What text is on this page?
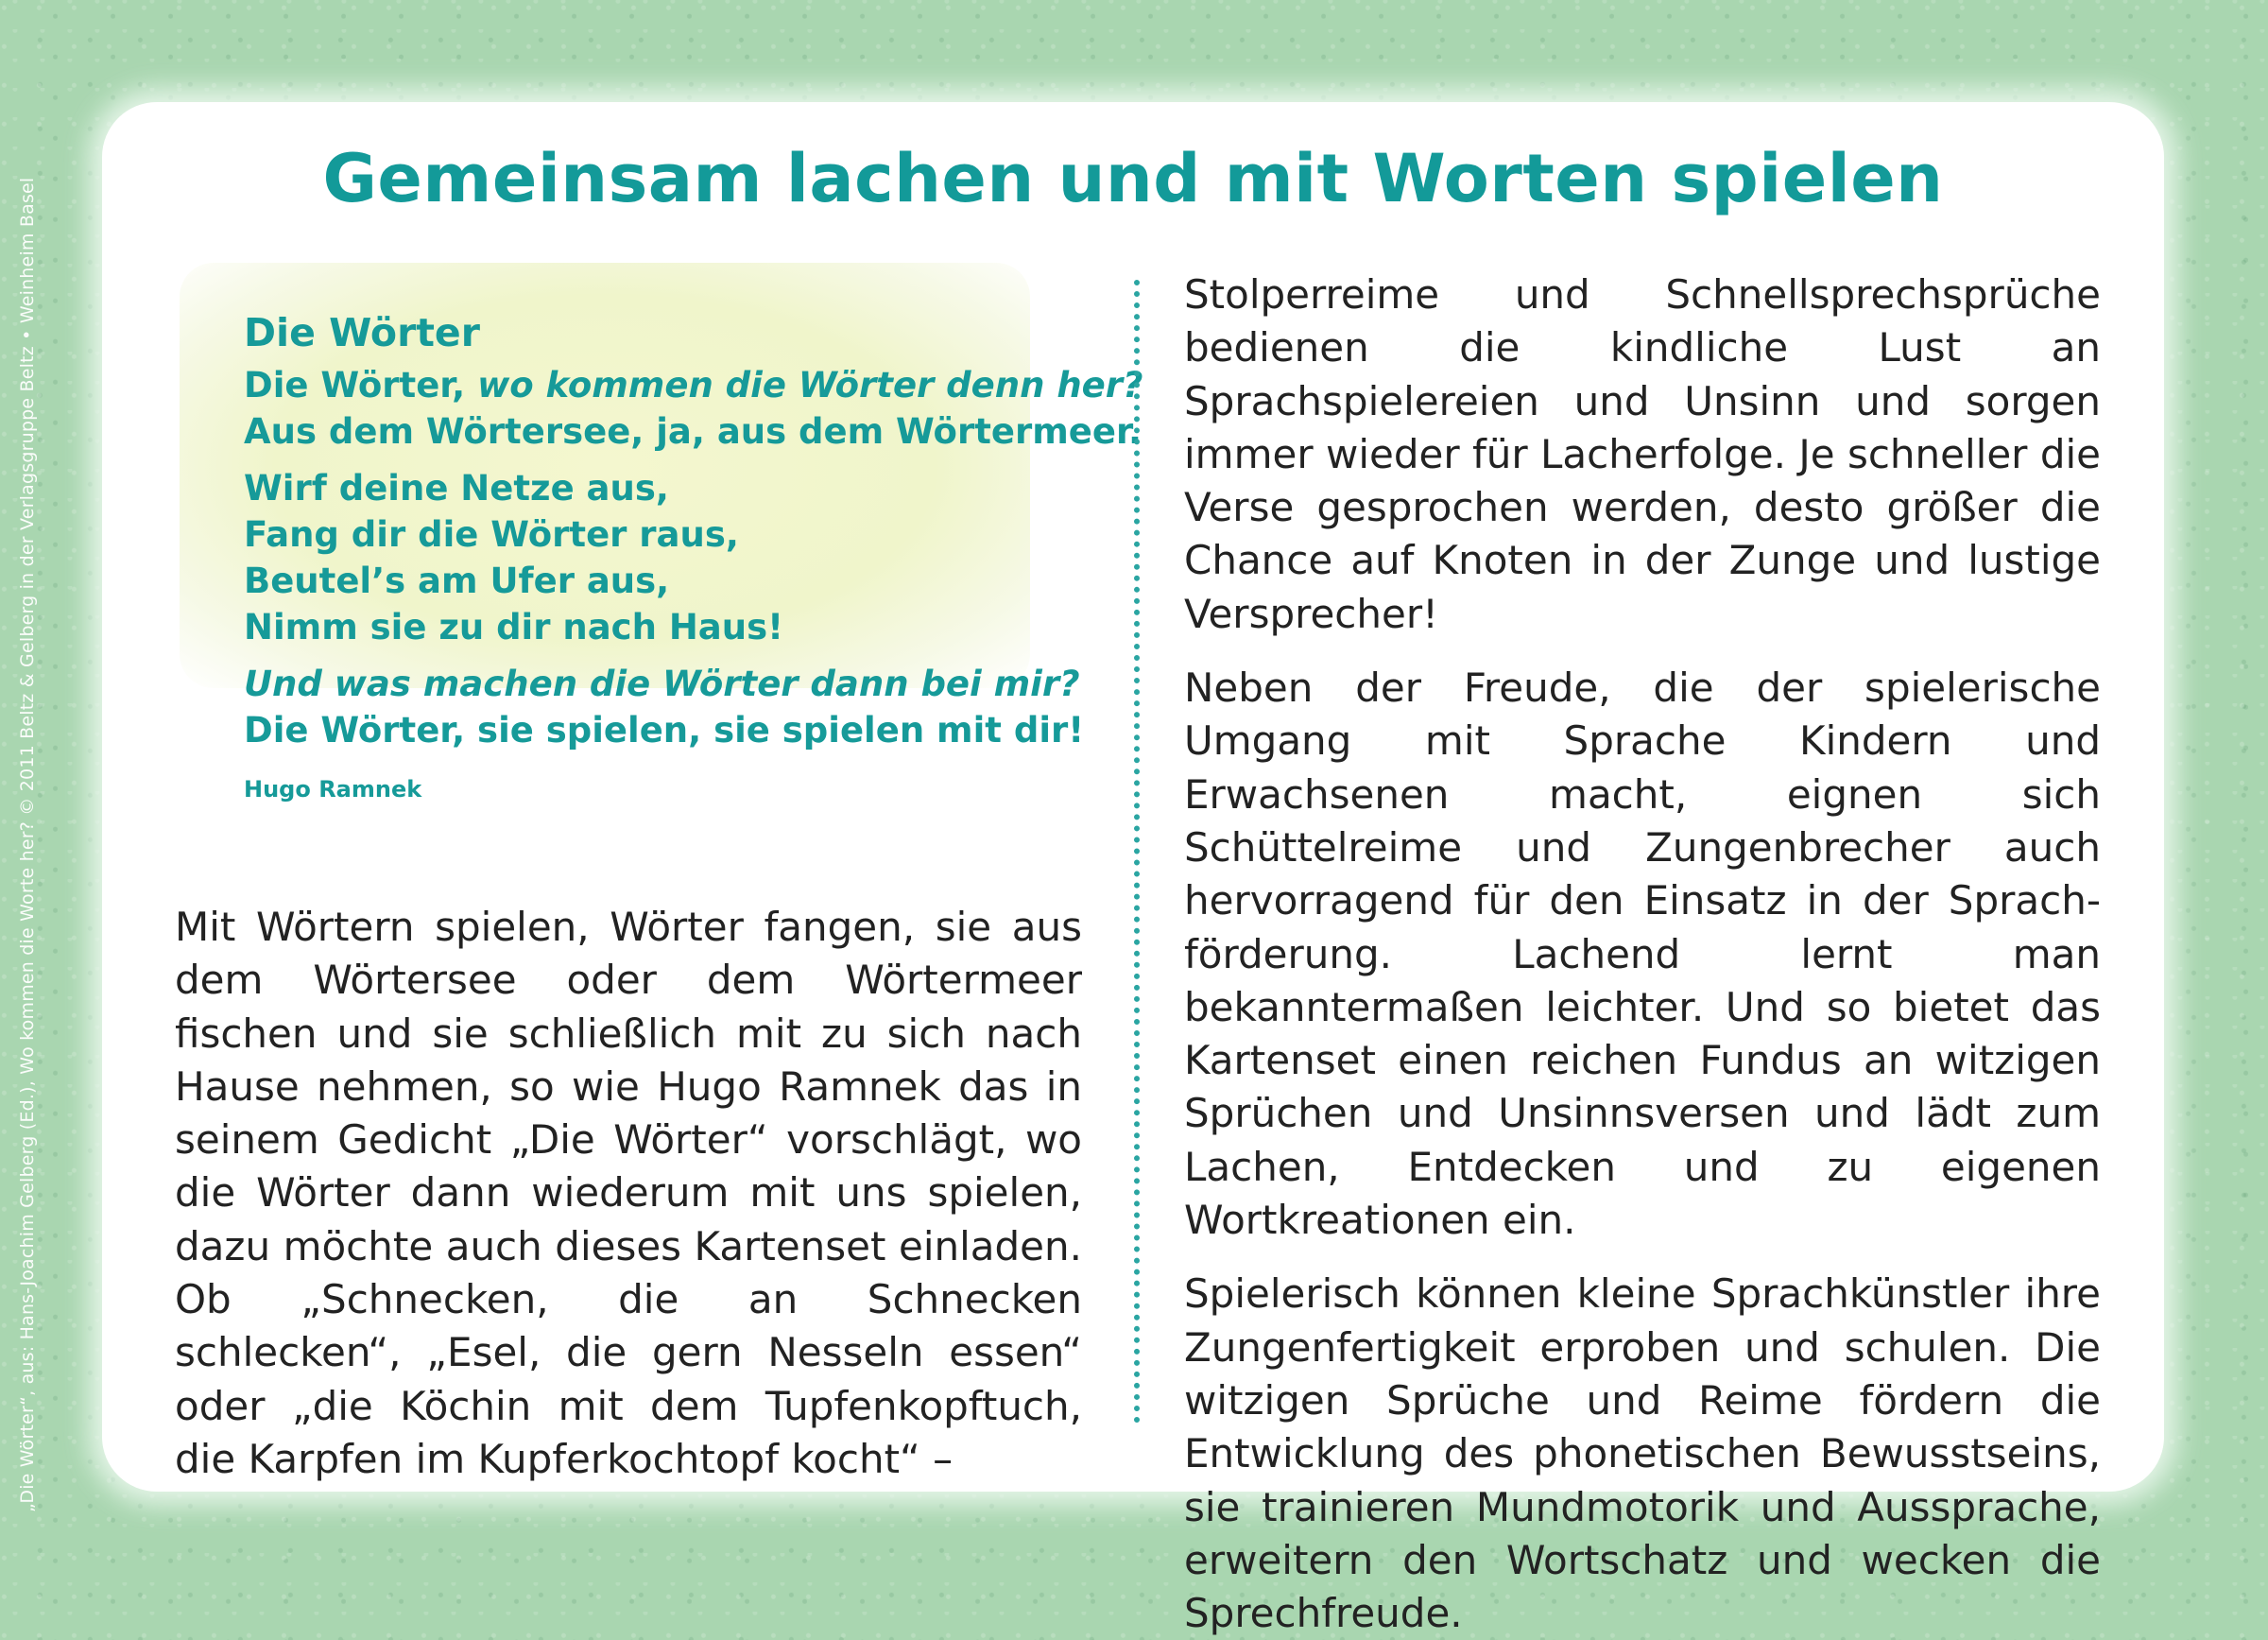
„Die Wörter“, aus: Hans-Joachim Gelberg (Ed.), Wo kommen die Worte her? © 2011 Beltz & Gelberg in der Verlagsgruppe Beltz • Weinheim Basel	Gemeinsam lachen und mit Worten spielen
Die Wörter
Die Wörter, wo kommen die Wörter denn her?
Aus dem Wörtersee, ja, aus dem Wörtermeer.
Wirf deine Netze aus,
Fang dir die Wörter raus,
Beutel’s am Ufer aus,
Nimm sie zu dir nach Haus!
Und was machen die Wörter dann bei mir?
Die Wörter, sie spielen, sie spielen mit dir!
Hugo Ramnek

Mit Wörtern spielen, Wörter fangen, sie aus dem Wörtersee oder dem Wörtermeer fischen und sie schließlich mit zu sich nach Hause nehmen, so wie Hugo Ramnek das in seinem Gedicht „Die Wörter“ vorschlägt, wo die Wörter dann wiederum mit uns spielen, dazu möchte auch dieses Kartenset einladen. Ob „Schnecken, die an Schnecken schlecken“, „Esel, die gern Nesseln essen“ oder „die Köchin mit dem Tupfenkopftuch, die Karpfen im Kupferkochtopf kocht“ –

Stolperreime und Schnellsprechsprüche bedienen die kindliche Lust an Sprachspielereien und Unsinn und sorgen immer wieder für Lacherfolge. Je schneller die Verse gesprochen werden, desto größer die Chance auf Knoten in der Zunge und lustige Versprecher!

Neben der Freude, die der spielerische Umgang mit Sprache Kindern und Erwachsenen macht, eignen sich Schüttelreime und Zungenbrecher auch hervorragend für den Einsatz in der Sprachförderung. Lachend lernt man bekanntermaßen leichter. Und so bietet das Kartenset einen reichen Fundus an witzigen Sprüchen und Unsinnsversen und lädt zum Lachen, Entdecken und zu eigenen Wortkreationen ein.

Spielerisch können kleine Sprachkünstler ihre Zungenfertigkeit erproben und schulen. Die witzigen Sprüche und Reime fördern die Entwicklung des phonetischen Bewusstseins, sie trainieren Mundmotorik und Aussprache, erweitern den Wortschatz und wecken die Sprechfreude.
